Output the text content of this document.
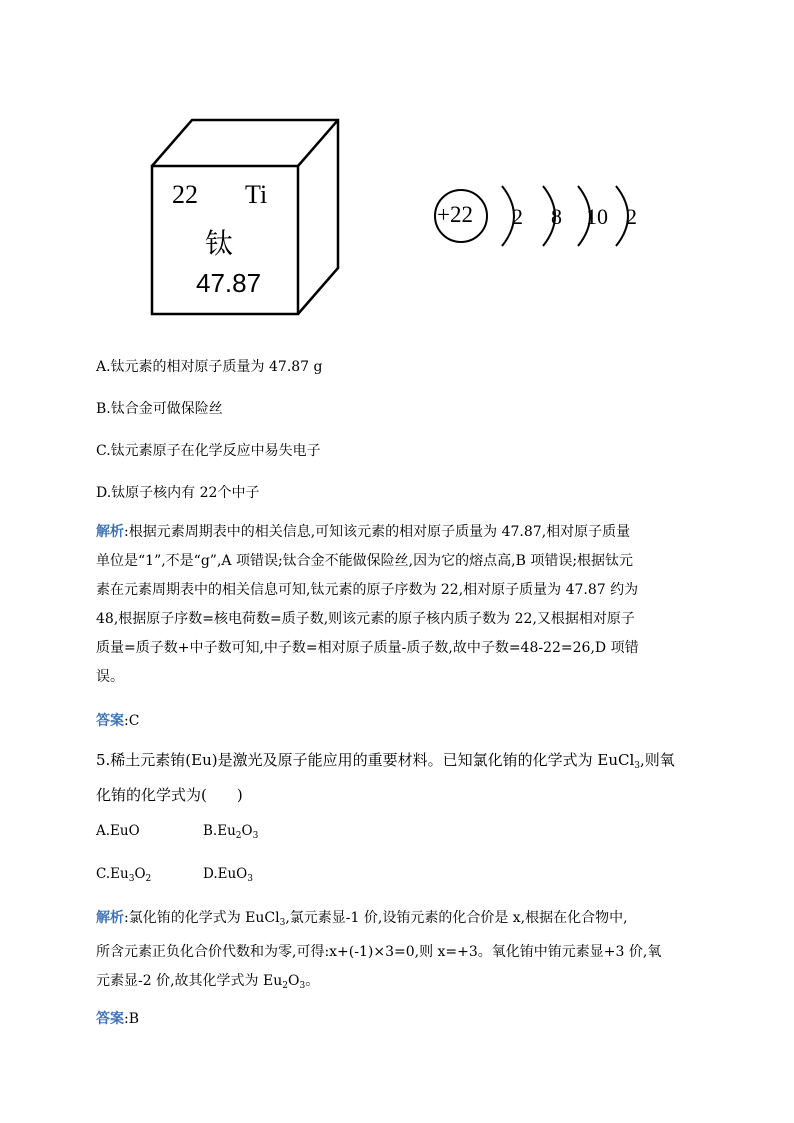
22 Ti
钛
47.87
+22 2 8 10 2
A.钛元素的相对原子质量为 47.87 g
B.钛合金可做保险丝
C.钛元素原子在化学反应中易失电子
D.钛原子核内有 22个中子
解析:根据元素周期表中的相关信息,可知该元素的相对原子质量为 47.87,相对原子质量
单位是“1”,不是“g”,A 项错误;钛合金不能做保险丝,因为它的熔点高,B 项错误;根据钛元
素在元素周期表中的相关信息可知,钛元素的原子序数为 22,相对原子质量为 47.87 约为
48,根据原子序数=核电荷数=质子数,则该元素的原子核内质子数为 22,又根据相对原子
质量=质子数+中子数可知,中子数=相对原子质量-质子数,故中子数=48-22=26,D 项错
误。
答案:C
5.稀土元素铕(Eu)是激光及原子能应用的重要材料。已知氯化铕的化学式为 EuCl$_3$,则氧
化铕的化学式为(　　)
A.EuO	$B.Eu_2O_3$
$C.Eu_3O_2$	D.EuO$_3$
解析:氯化铕的化学式为 EuCl$_3$,氯元素显-1 价,设铕元素的化合价是 x,根据在化合物中,
所含元素正负化合价代数和为零,可得:x+(-1)×3=0,则 x=+3。氧化铕中铕元素显+3 价,氧
元素显-2 价,故其化学式为 $Eu_2O_3$。
答案:B
